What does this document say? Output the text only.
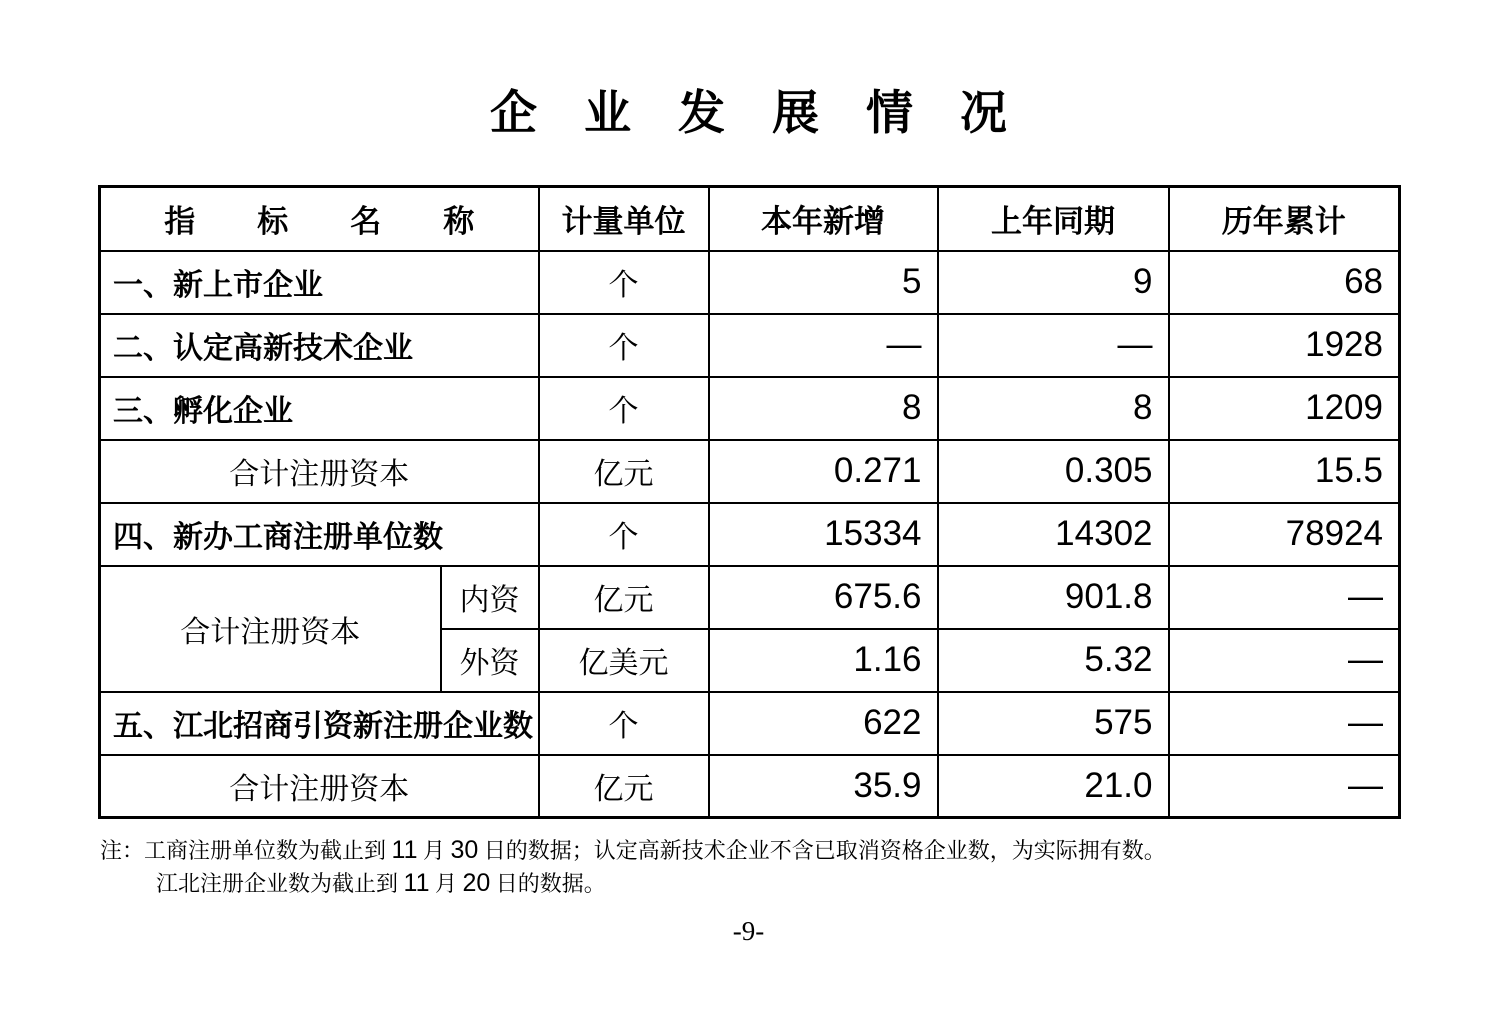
企　业　发　展　情　况
指　　标　　名　　称		计量单位	本年新增	上年同期	历年累计
一、新上市企业		个	5	9	68
二、认定高新技术企业		个	—	—	1928
三、孵化企业		个	8	8	1209
合计注册资本		亿元	0.271	0.305	15.5
四、新办工商注册单位数		个	15334	14302	78924
合计注册资本	内资	亿元	675.6	901.8	—
	外资	亿美元	1.16	5.32	—
五、江北招商引资新注册企业数		个	622	575	—
合计注册资本		亿元	35.9	21.0	—
注：工商注册单位数为截止到 11 月 30 日的数据；认定高新技术企业不含已取消资格企业数，为实际拥有数。
江北注册企业数为截止到 11 月 20 日的数据。
-9-
